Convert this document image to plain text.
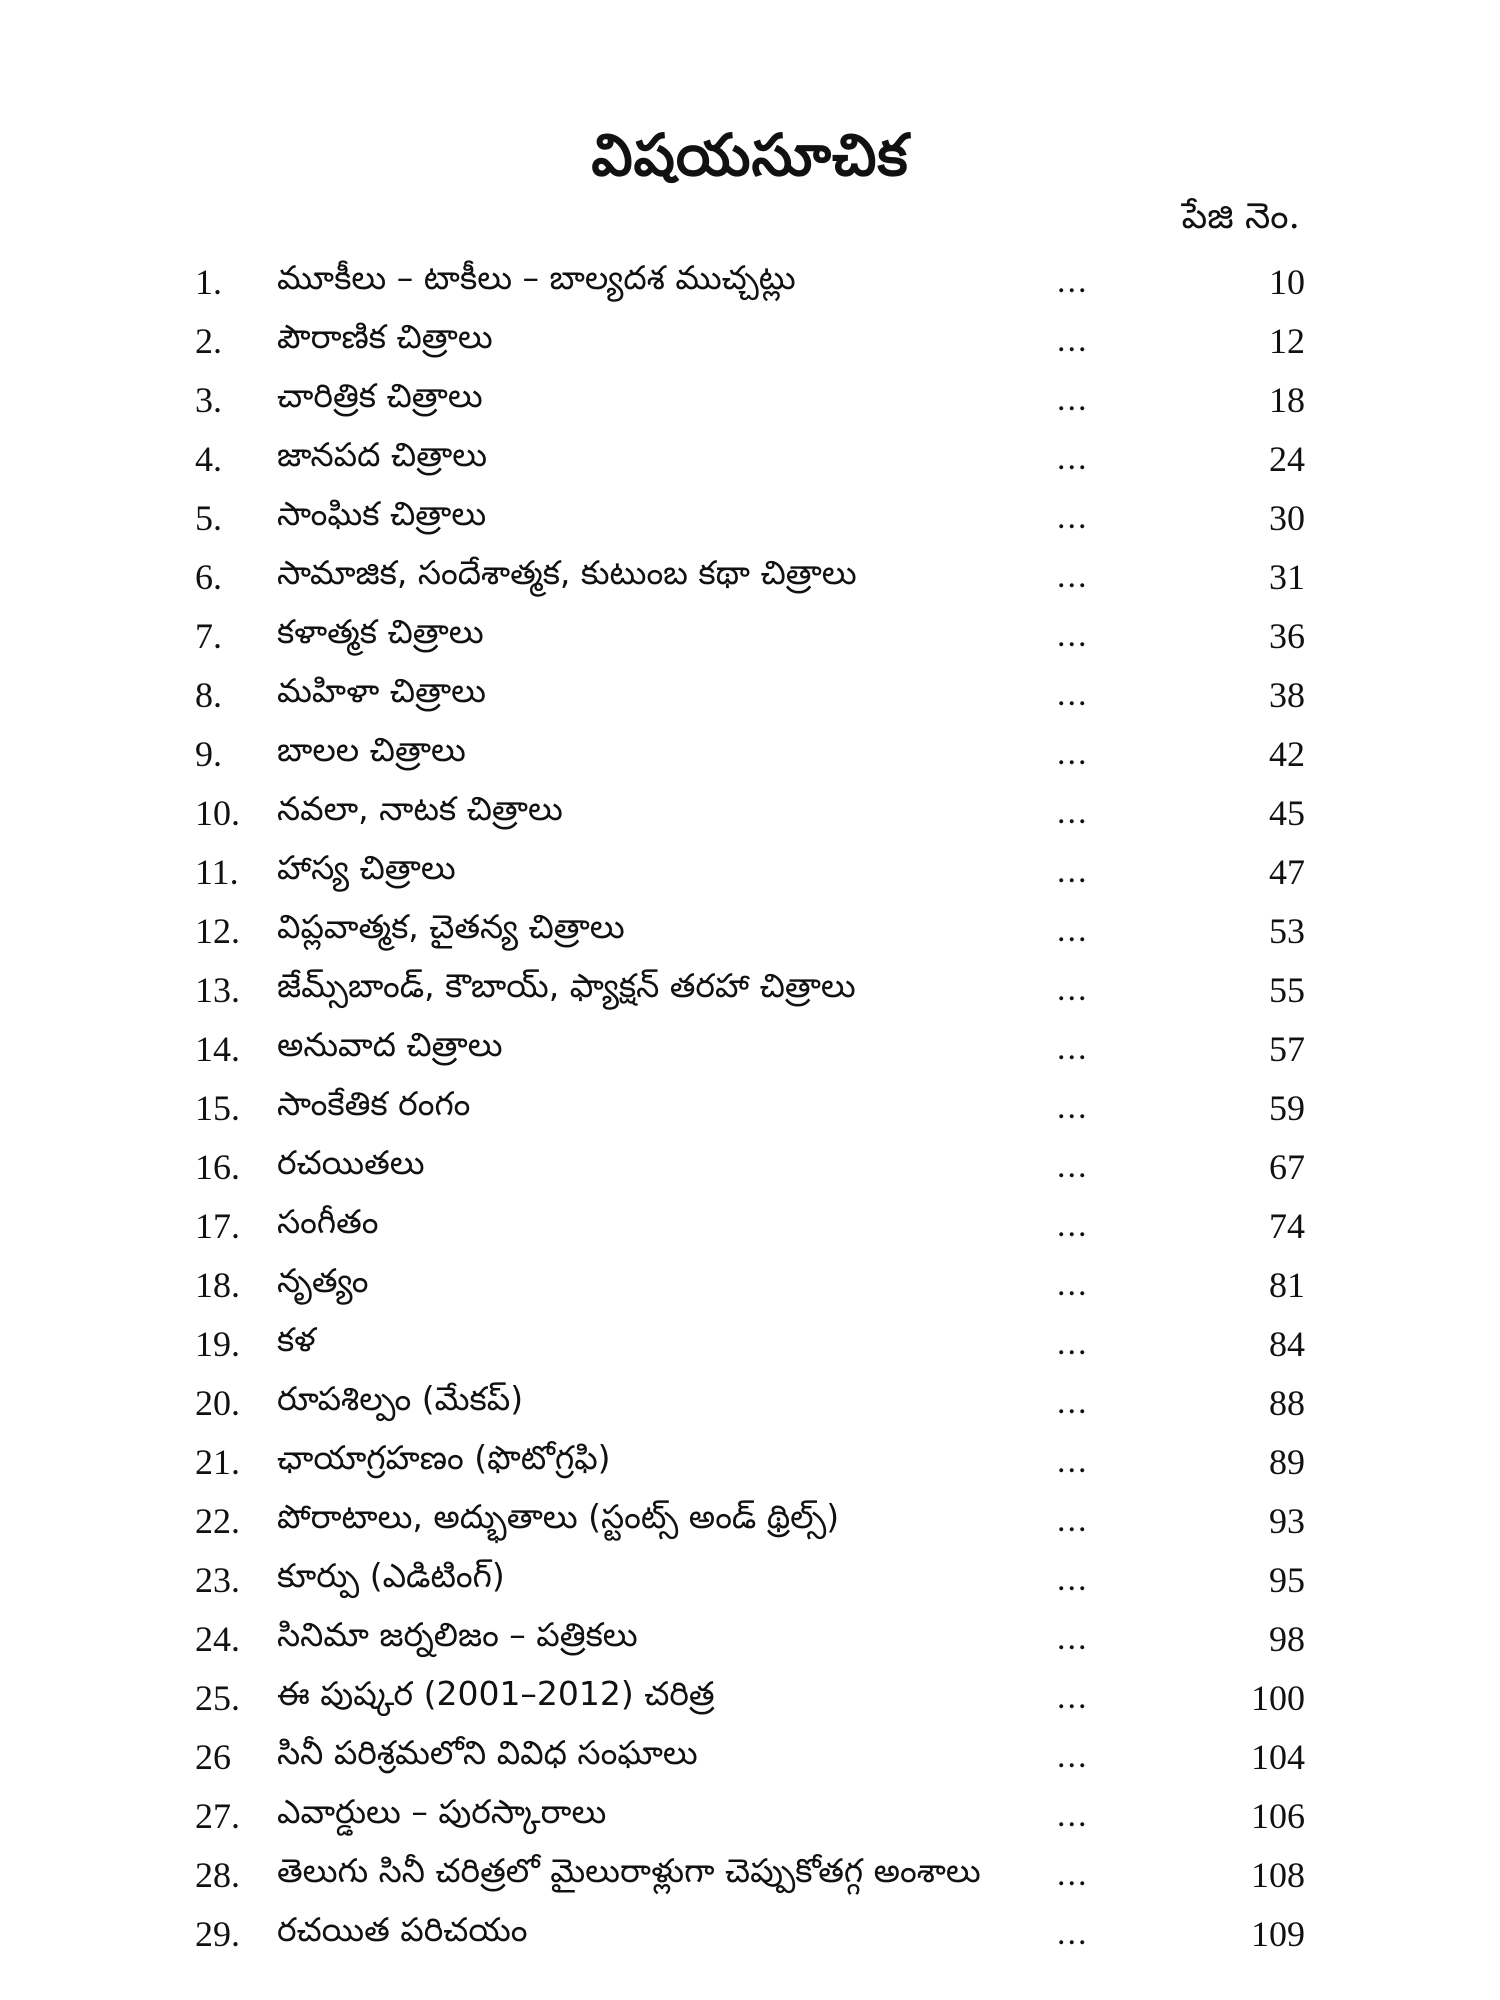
విషయసూచిక
పేజి నెం.
1.	మూకీలు – టాకీలు – బాల్యదశ ముచ్చట్లు	...	10
2.	పౌరాణిక చిత్రాలు	...	12
3.	చారిత్రిక చిత్రాలు	...	18
4.	జానపద చిత్రాలు	...	24
5.	సాంఘిక చిత్రాలు	...	30
6.	సామాజిక, సందేశాత్మక, కుటుంబ కథా చిత్రాలు	...	31
7.	కళాత్మక చిత్రాలు	...	36
8.	మహిళా చిత్రాలు	...	38
9.	బాలల చిత్రాలు	...	42
10.	నవలా, నాటక చిత్రాలు	...	45
11.	హాస్య చిత్రాలు	...	47
12.	విప్లవాత్మక, చైతన్య చిత్రాలు	...	53
13.	జేమ్స్‌బాండ్, కౌబాయ్, ఫ్యాక్షన్ తరహా చిత్రాలు	...	55
14.	అనువాద చిత్రాలు	...	57
15.	సాంకేతిక రంగం	...	59
16.	రచయితలు	...	67
17.	సంగీతం	...	74
18.	నృత్యం	...	81
19.	కళ	...	84
20.	రూపశిల్పం (మేకప్)	...	88
21.	ఛాయాగ్రహణం (ఫొటోగ్రఫి)	...	89
22.	పోరాటాలు, అద్భుతాలు (స్టంట్స్ అండ్ థ్రిల్స్)	...	93
23.	కూర్పు (ఎడిటింగ్)	...	95
24.	సినిమా జర్నలిజం – పత్రికలు	...	98
25.	ఈ పుష్కర (2001–2012) చరిత్ర	...	100
26	సినీ పరిశ్రమలోని వివిధ సంఘాలు	...	104
27.	ఎవార్డులు – పురస్కారాలు	...	106
28.	తెలుగు సినీ చరిత్రలో మైలురాళ్లుగా చెప్పుకోతగ్గ అంశాలు	...	108
29.	రచయిత పరిచయం	...	109
